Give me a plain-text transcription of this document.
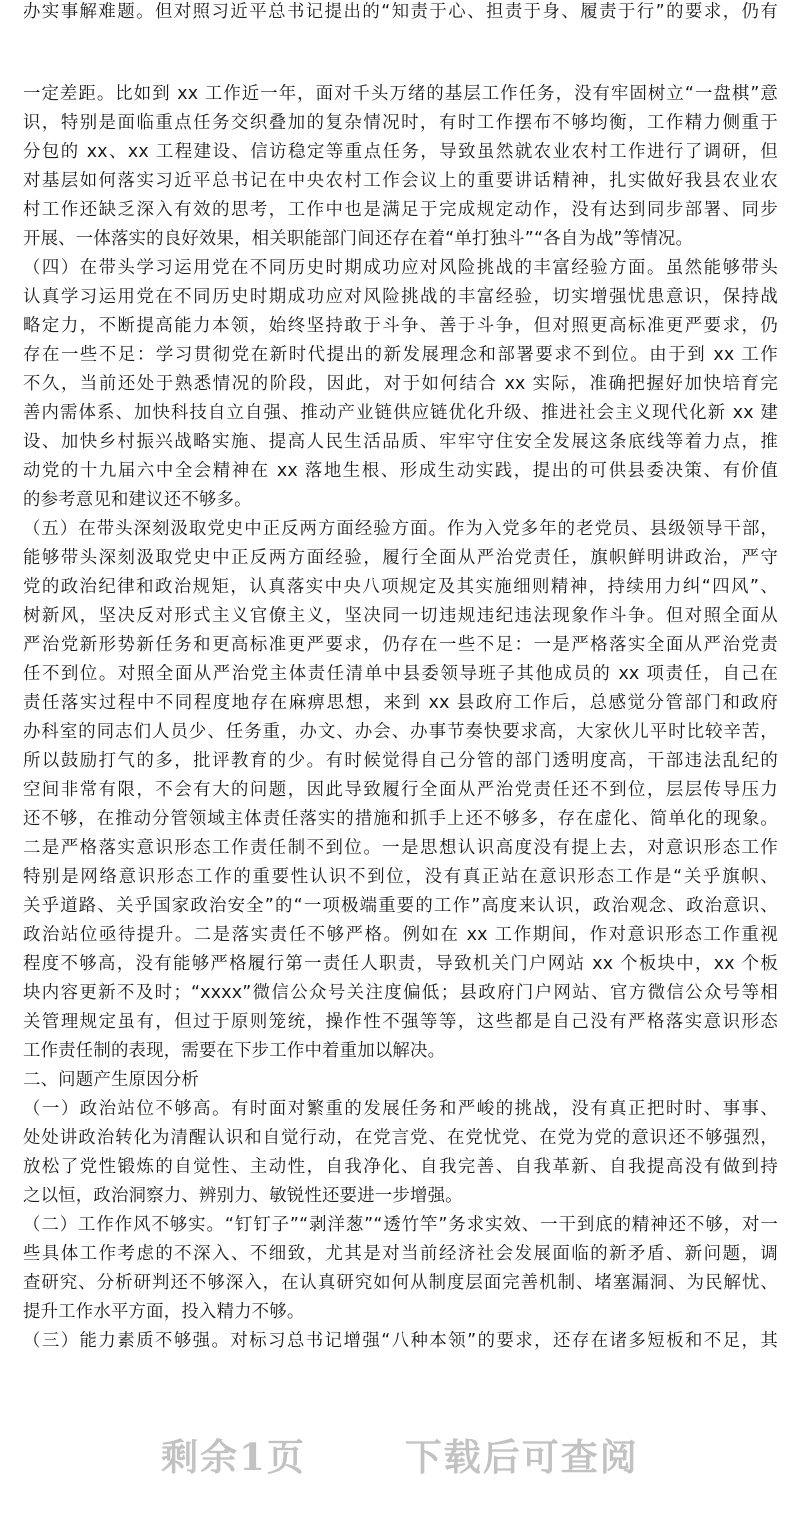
办实事解难题。但对照习近平总书记提出的“知责于心、担责于身、履责于行”的要求，仍有
一定差距。比如到 xx 工作近一年，面对千头万绪的基层工作任务，没有牢固树立“一盘棋”意
识，特别是面临重点任务交织叠加的复杂情况时，有时工作摆布不够均衡，工作精力侧重于
分包的 xx、xx 工程建设、信访稳定等重点任务，导致虽然就农业农村工作进行了调研，但
对基层如何落实习近平总书记在中央农村工作会议上的重要讲话精神，扎实做好我县农业农
村工作还缺乏深入有效的思考，工作中也是满足于完成规定动作，没有达到同步部署、同步
开展、一体落实的良好效果，相关职能部门间还存在着“单打独斗”“各自为战”等情况。
（四）在带头学习运用党在不同历史时期成功应对风险挑战的丰富经验方面。虽然能够带头
认真学习运用党在不同历史时期成功应对风险挑战的丰富经验，切实增强忧患意识，保持战
略定力，不断提高能力本领，始终坚持敢于斗争、善于斗争，但对照更高标准更严要求，仍
存在一些不足：学习贯彻党在新时代提出的新发展理念和部署要求不到位。由于到 xx 工作
不久，当前还处于熟悉情况的阶段，因此，对于如何结合 xx 实际，准确把握好加快培育完
善内需体系、加快科技自立自强、推动产业链供应链优化升级、推进社会主义现代化新 xx 建
设、加快乡村振兴战略实施、提高人民生活品质、牢牢守住安全发展这条底线等着力点，推
动党的十九届六中全会精神在 xx 落地生根、形成生动实践，提出的可供县委决策、有价值
的参考意见和建议还不够多。
（五）在带头深刻汲取党史中正反两方面经验方面。作为入党多年的老党员、县级领导干部，
能够带头深刻汲取党史中正反两方面经验，履行全面从严治党责任，旗帜鲜明讲政治，严守
党的政治纪律和政治规矩，认真落实中央八项规定及其实施细则精神，持续用力纠“四风”、
树新风，坚决反对形式主义官僚主义，坚决同一切违规违纪违法现象作斗争。但对照全面从
严治党新形势新任务和更高标准更严要求，仍存在一些不足：一是严格落实全面从严治党责
任不到位。对照全面从严治党主体责任清单中县委领导班子其他成员的 xx 项责任，自己在
责任落实过程中不同程度地存在麻痹思想，来到 xx 县政府工作后，总感觉分管部门和政府
办科室的同志们人员少、任务重，办文、办会、办事节奏快要求高，大家伙儿平时比较辛苦，
所以鼓励打气的多，批评教育的少。有时候觉得自己分管的部门透明度高，干部违法乱纪的
空间非常有限，不会有大的问题，因此导致履行全面从严治党责任还不到位，层层传导压力
还不够，在推动分管领域主体责任落实的措施和抓手上还不够多，存在虚化、简单化的现象。
二是严格落实意识形态工作责任制不到位。一是思想认识高度没有提上去，对意识形态工作
特别是网络意识形态工作的重要性认识不到位，没有真正站在意识形态工作是“关乎旗帜、
关乎道路、关乎国家政治安全”的“一项极端重要的工作”高度来认识，政治观念、政治意识、
政治站位亟待提升。二是落实责任不够严格。例如在 xx 工作期间，作对意识形态工作重视
程度不够高，没有能够严格履行第一责任人职责，导致机关门户网站 xx 个板块中，xx 个板
块内容更新不及时；“xxxx”微信公众号关注度偏低；县政府门户网站、官方微信公众号等相
关管理规定虽有，但过于原则笼统，操作性不强等等，这些都是自己没有严格落实意识形态
工作责任制的表现，需要在下步工作中着重加以解决。
二、问题产生原因分析
（一）政治站位不够高。有时面对繁重的发展任务和严峻的挑战，没有真正把时时、事事、
处处讲政治转化为清醒认识和自觉行动，在党言党、在党忧党、在党为党的意识还不够强烈，
放松了党性锻炼的自觉性、主动性，自我净化、自我完善、自我革新、自我提高没有做到持
之以恒，政治洞察力、辨别力、敏锐性还要进一步增强。
（二）工作作风不够实。“钉钉子”“剥洋葱”“透竹竿”务求实效、一干到底的精神还不够，对一
些具体工作考虑的不深入、不细致，尤其是对当前经济社会发展面临的新矛盾、新问题，调
查研究、分析研判还不够深入，在认真研究如何从制度层面完善机制、堵塞漏洞、为民解忧、
提升工作水平方面，投入精力不够。
（三）能力素质不够强。对标习总书记增强“八种本领”的要求，还存在诸多短板和不足，其
剩余1页	下载后可查阅
